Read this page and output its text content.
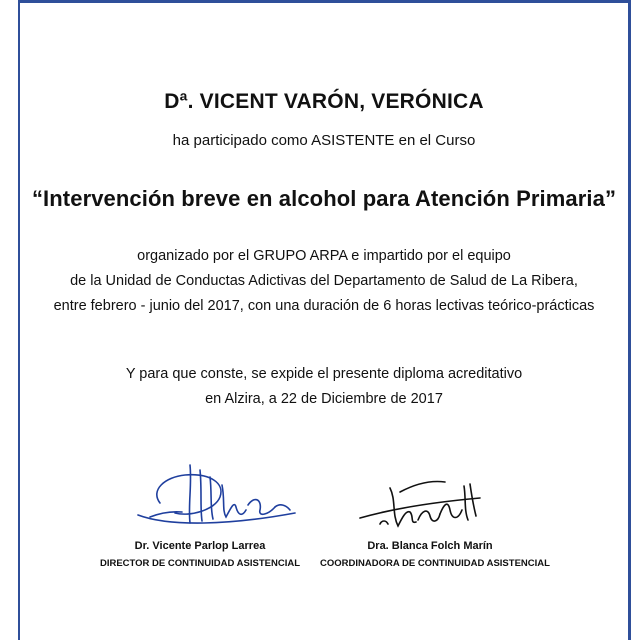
Dª. VICENT VARÓN, VERÓNICA
ha participado como ASISTENTE en el Curso
“Intervención breve en alcohol para Atención Primaria”
organizado por el GRUPO ARPA e impartido por el equipo
de la Unidad de Conductas Adictivas del Departamento de Salud de La Ribera,
entre febrero - junio del 2017, con una duración de 6 horas lectivas teórico-prácticas
Y para que conste, se expide el presente diploma acreditativo
en Alzira, a 22 de Diciembre de 2017
Dr. Vicente Parlop Larrea
DIRECTOR DE CONTINUIDAD ASISTENCIAL
Dra. Blanca Folch Marín
COORDINADORA DE CONTINUIDAD ASISTENCIAL
